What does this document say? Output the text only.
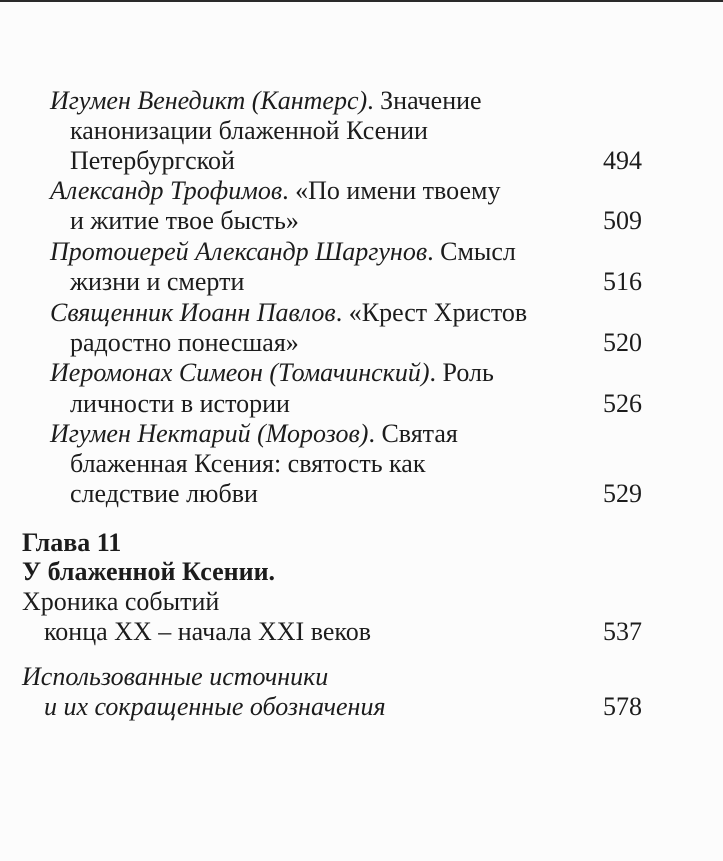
Игумен Венедикт (Кантерс). Значение
канонизации блаженной Ксении
Петербургской	494
Александр Трофимов. «По имени твоему
и житие твое бысть»	509
Протоиерей Александр Шаргунов. Смысл
жизни и смерти	516
Священник Иоанн Павлов. «Крест Христов
радостно понесшая»	520
Иеромонах Симеон (Томачинский). Роль
личности в истории	526
Игумен Нектарий (Морозов). Святая
блаженная Ксения: святость как
следствие любви	529
Глава 11
У блаженной Ксении.
Хроника событий
конца XX – начала XXI веков	537
Использованные источники
и их сокращенные обозначения	578
